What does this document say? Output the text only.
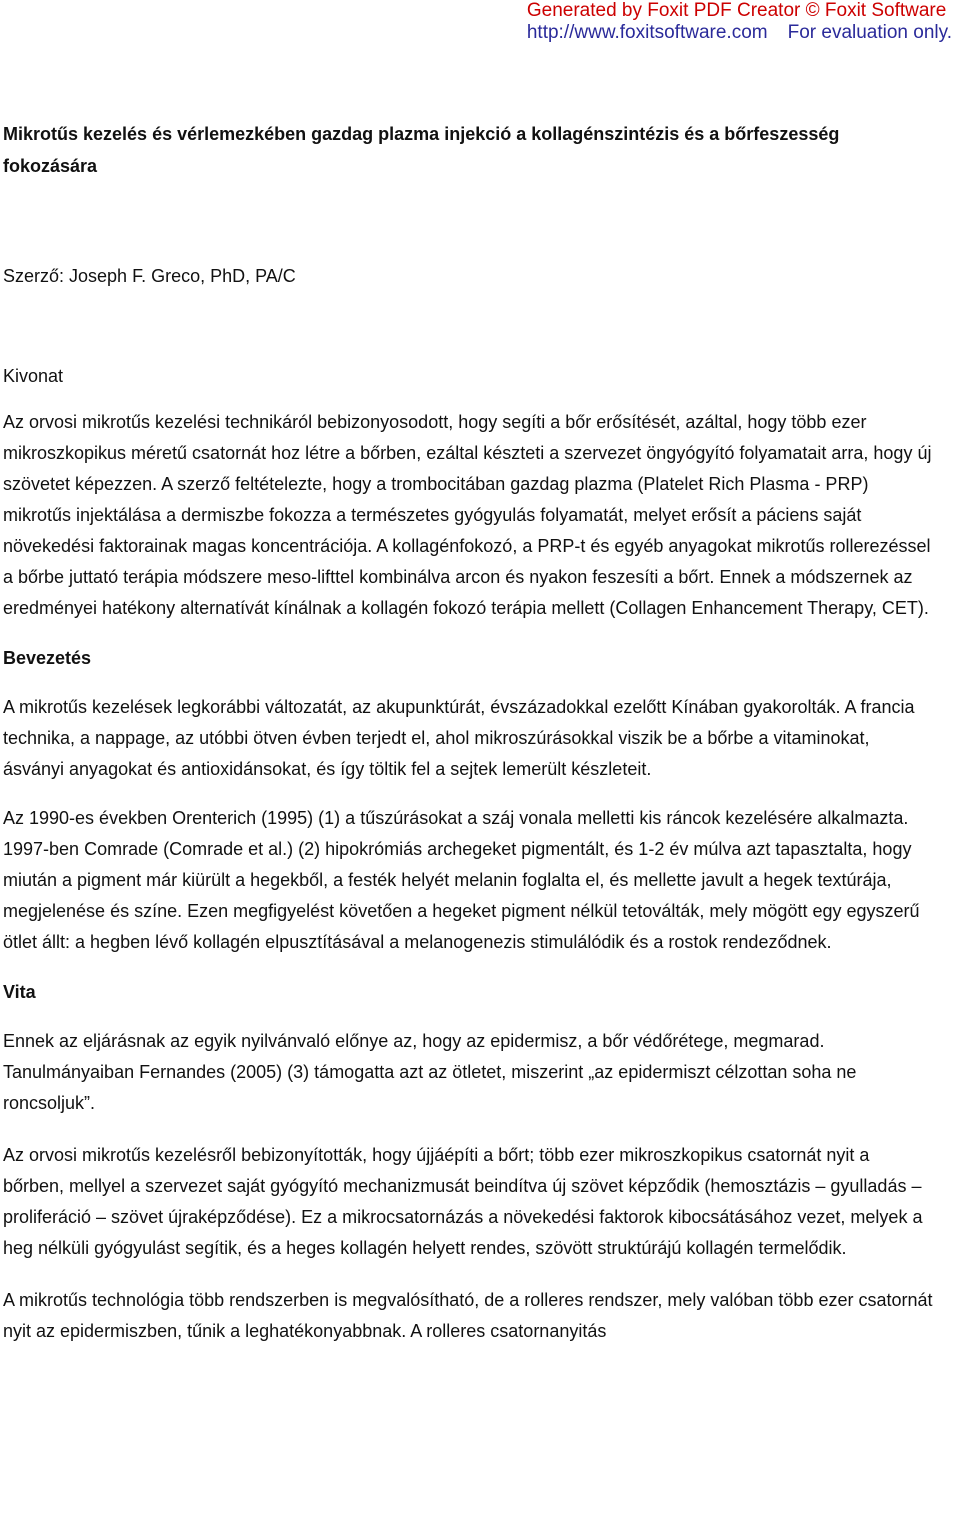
Generated by Foxit PDF Creator © Foxit Software
http://www.foxitsoftware.com For evaluation only.
Mikrotűs kezelés és vérlemezkében gazdag plazma injekció a kollagénszintézis és a bőrfeszesség fokozására
Szerző: Joseph F. Greco, PhD, PA/C
Kivonat

Az orvosi mikrotűs kezelési technikáról bebizonyosodott, hogy segíti a bőr erősítését, azáltal, hogy több ezer mikroszkopikus méretű csatornát hoz létre a bőrben, ezáltal készteti a szervezet öngyógyító folyamatait arra, hogy új szövetet képezzen. A szerző feltételezte, hogy a trombocitában gazdag plazma (Platelet Rich Plasma - PRP) mikrotűs injektálása a dermiszbe fokozza a természetes gyógyulás folyamatát, melyet erősít a páciens saját növekedési faktorainak magas koncentrációja. A kollagénfokozó, a PRP-t és egyéb anyagokat mikrotűs rollerezéssel a bőrbe juttató terápia módszere meso-lifttel kombinálva arcon és nyakon feszesíti a bőrt. Ennek a módszernek az eredményei hatékony alternatívát kínálnak a kollagén fokozó terápia mellett (Collagen Enhancement Therapy, CET).

Bevezetés

A mikrotűs kezelések legkorábbi változatát, az akupunktúrát, évszázadokkal ezelőtt Kínában gyakorolták. A francia technika, a nappage, az utóbbi ötven évben terjedt el, ahol mikroszúrásokkal viszik be a bőrbe a vitaminokat, ásványi anyagokat és antioxidánsokat, és így töltik fel a sejtek lemerült készleteit.

Az 1990-es években Orenterich (1995) (1) a tűszúrásokat a száj vonala melletti kis ráncok kezelésére alkalmazta. 1997-ben Comrade (Comrade et al.) (2) hipokrómiás archegeket pigmentált, és 1-2 év múlva azt tapasztalta, hogy miután a pigment már kiürült a hegekből, a festék helyét melanin foglalta el, és mellette javult a hegek textúrája, megjelenése és színe. Ezen megfigyelést követően a hegeket pigment nélkül tetoválták, mely mögött egy egyszerű ötlet állt: a hegben lévő kollagén elpusztításával a melanogenezis stimulálódik és a rostok rendeződnek.

Vita

Ennek az eljárásnak az egyik nyilvánvaló előnye az, hogy az epidermisz, a bőr védőrétege, megmarad. Tanulmányaiban Fernandes (2005) (3) támogatta azt az ötletet, miszerint „az epidermiszt célzottan soha ne roncsoljuk”.

Az orvosi mikrotűs kezelésről bebizonyították, hogy újjáépíti a bőrt; több ezer mikroszkopikus csatornát nyit a bőrben, mellyel a szervezet saját gyógyító mechanizmusát beindítva új szövet képződik (hemosztázis – gyulladás – proliferáció – szövet újraképződése). Ez a mikrocsatornázás a növekedési faktorok kibocsátásához vezet, melyek a heg nélküli gyógyulást segítik, és a heges kollagén helyett rendes, szövött struktúrájú kollagén termelődik.

A mikrotűs technológia több rendszerben is megvalósítható, de a rolleres rendszer, mely valóban több ezer csatornát nyit az epidermiszben, tűnik a leghatékonyabbnak. A rolleres csatornanyitás
